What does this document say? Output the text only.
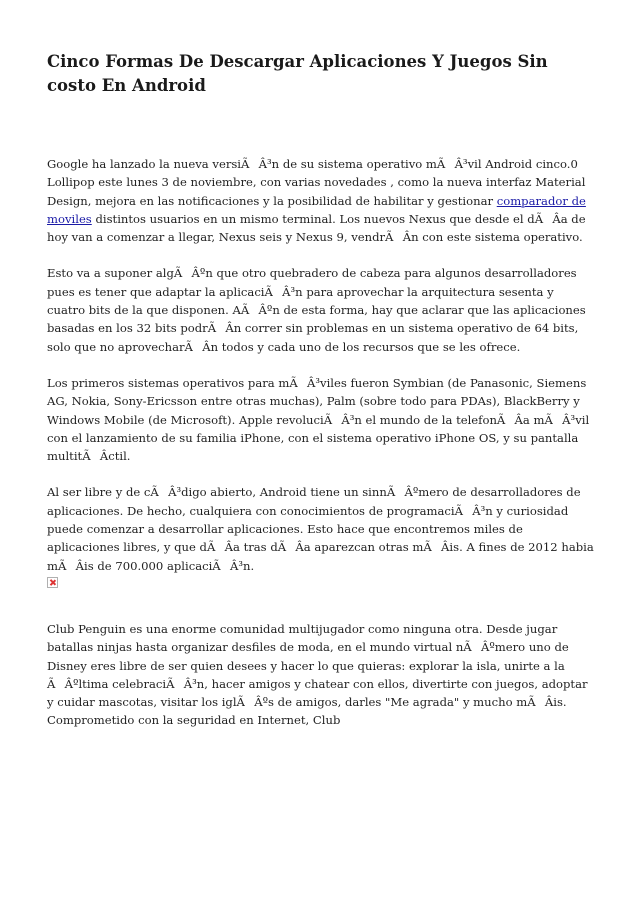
Cinco Formas De Descargar Aplicaciones Y Juegos Sin costo En Android

Google ha lanzado la nueva versiÃÂ³n de su sistema operativo mÃÂ³vil Android cinco.0 Lollipop este lunes 3 de noviembre, con varias novedades , como la nueva interfaz Material Design, mejora en las notificaciones y la posibilidad de habilitar y gestionar comparador de moviles distintos usuarios en un mismo terminal. Los nuevos Nexus que desde el dÃÂa de hoy van a comenzar a llegar, Nexus seis y Nexus 9, vendrÃÂn con este sistema operativo.

Esto va a suponer algÃÂºn que otro quebradero de cabeza para algunos desarrolladores pues es tener que adaptar la aplicaciÃÂ³n para aprovechar la arquitectura sesenta y cuatro bits de la que disponen. AÃÂºn de esta forma, hay que aclarar que las aplicaciones basadas en los 32 bits podrÃÂn correr sin problemas en un sistema operativo de 64 bits, solo que no aprovecharÃÂn todos y cada uno de los recursos que se les ofrece.

Los primeros sistemas operativos para mÃÂ³viles fueron Symbian (de Panasonic, Siemens AG, Nokia, Sony-Ericsson entre otras muchas), Palm (sobre todo para PDAs), BlackBerry y Windows Mobile (de Microsoft). Apple revoluciÃÂ³n el mundo de la telefonÃÂa mÃÂ³vil con el lanzamiento de su familia iPhone, con el sistema operativo iPhone OS, y su pantalla multitÃÂctil.

Al ser libre y de cÃÂ³digo abierto, Android tiene un sinnÃÂºmero de desarrolladores de aplicaciones. De hecho, cualquiera con conocimientos de programaciÃÂ³n y curiosidad puede comenzar a desarrollar aplicaciones. Esto hace que encontremos miles de aplicaciones libres, y que dÃÂa tras dÃÂa aparezcan otras mÃÂis. A fines de 2012 habia mÃÂis de 700.000 aplicaciÃÂ³n.

Club Penguin es una enorme comunidad multijugador como ninguna otra. Desde jugar batallas ninjas hasta organizar desfiles de moda, en el mundo virtual nÃÂºmero uno de Disney eres libre de ser quien desees y hacer lo que quieras: explorar la isla, unirte a la ÃÂºltima celebraciÃÂ³n, hacer amigos y chatear con ellos, divertirte con juegos, adoptar y cuidar mascotas, visitar los iglÃÂºs de amigos, darles "Me agrada" y mucho mÃÂis. Comprometido con la seguridad en Internet, Club
